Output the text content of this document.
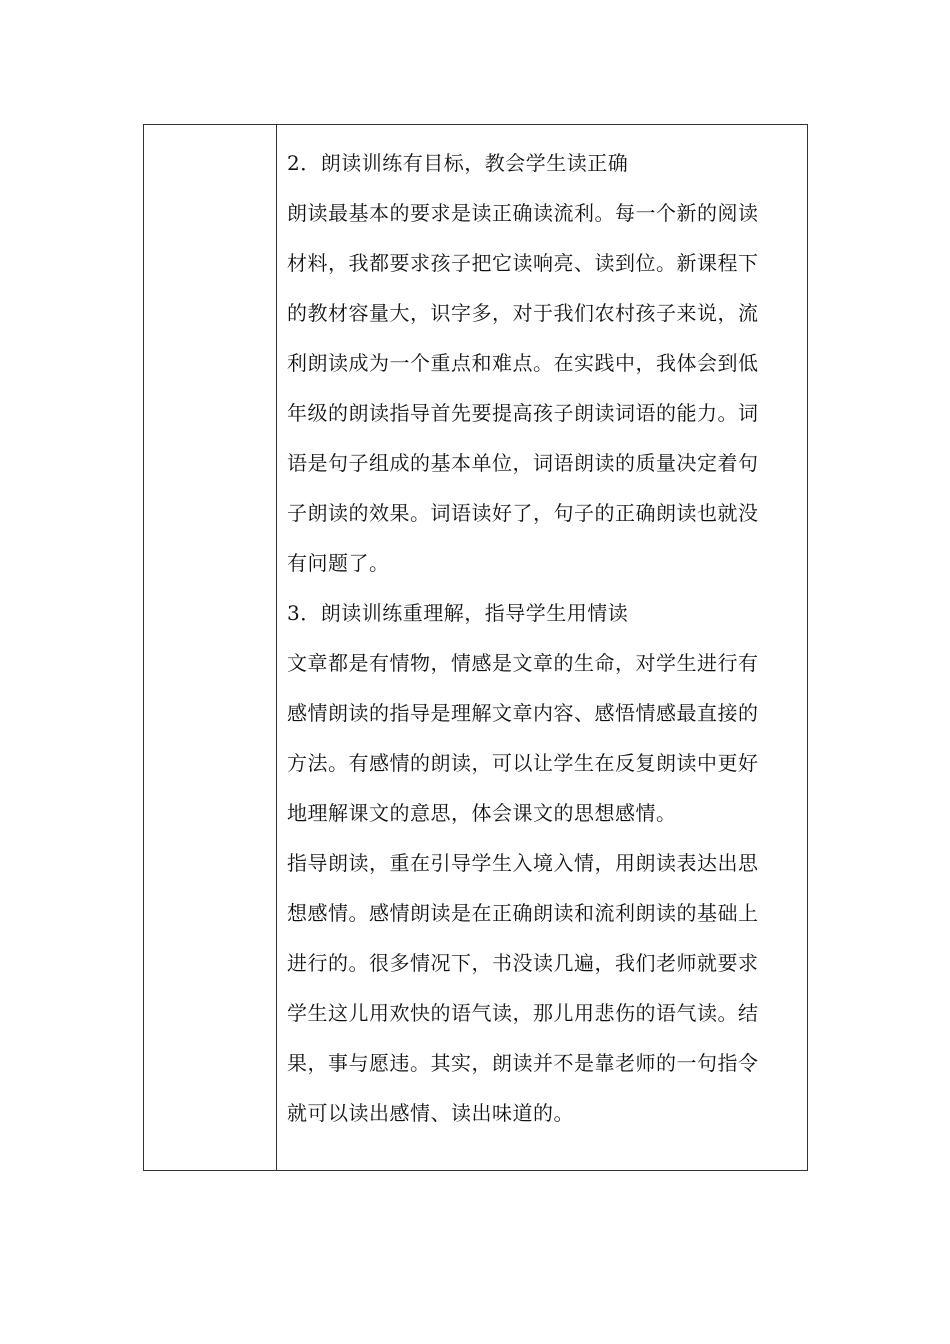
2．朗读训练有目标，教会学生读正确
朗读最基本的要求是读正确读流利。每一个新的阅读
材料，我都要求孩子把它读响亮、读到位。新课程下
的教材容量大，识字多，对于我们农村孩子来说，流
利朗读成为一个重点和难点。在实践中，我体会到低
年级的朗读指导首先要提高孩子朗读词语的能力。词
语是句子组成的基本单位，词语朗读的质量决定着句
子朗读的效果。词语读好了，句子的正确朗读也就没
有问题了。
3．朗读训练重理解，指导学生用情读
文章都是有情物，情感是文章的生命，对学生进行有
感情朗读的指导是理解文章内容、感悟情感最直接的
方法。有感情的朗读，可以让学生在反复朗读中更好
地理解课文的意思，体会课文的思想感情。
指导朗读，重在引导学生入境入情，用朗读表达出思
想感情。感情朗读是在正确朗读和流利朗读的基础上
进行的。很多情况下，书没读几遍，我们老师就要求
学生这儿用欢快的语气读，那儿用悲伤的语气读。结
果，事与愿违。其实，朗读并不是靠老师的一句指令
就可以读出感情、读出味道的。
